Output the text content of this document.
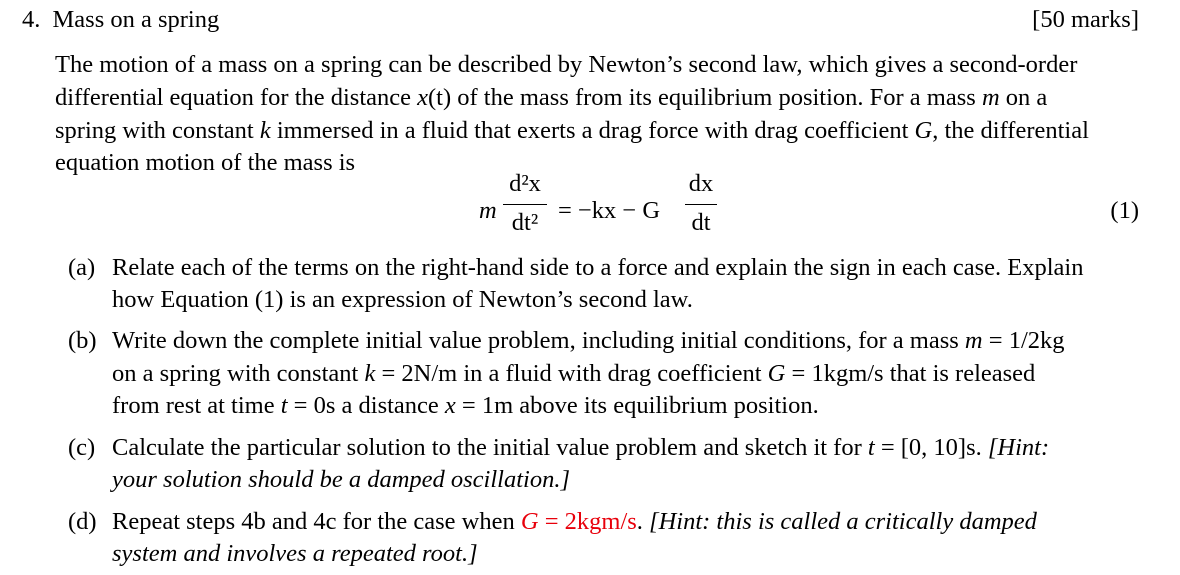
4. Mass on a spring	[50 marks]
The motion of a mass on a spring can be described by Newton’s second law, which gives a second-order
differential equation for the distance x(t) of the mass from its equilibrium position. For a mass m on a
spring with constant k immersed in a fluid that exerts a drag force with drag coefficient G, the differential
equation motion of the mass is
m
d²x
dt² = −kx − G
dx
dt	(1)
(a) Relate each of the terms on the right-hand side to a force and explain the sign in each case. Explain
how Equation (1) is an expression of Newton’s second law.
(b) Write down the complete initial value problem, including initial conditions, for a mass m = 1/2kg
on a spring with constant k = 2N/m in a fluid with drag coefficient G = 1kgm/s that is released
from rest at time t = 0s a distance x = 1m above its equilibrium position.
(c) Calculate the particular solution to the initial value problem and sketch it for t = [0, 10]s. [Hint:
your solution should be a damped oscillation.]
(d) Repeat steps 4b and 4c for the case when G = 2kgm/s. [Hint: this is called a critically damped
system and involves a repeated root.]
